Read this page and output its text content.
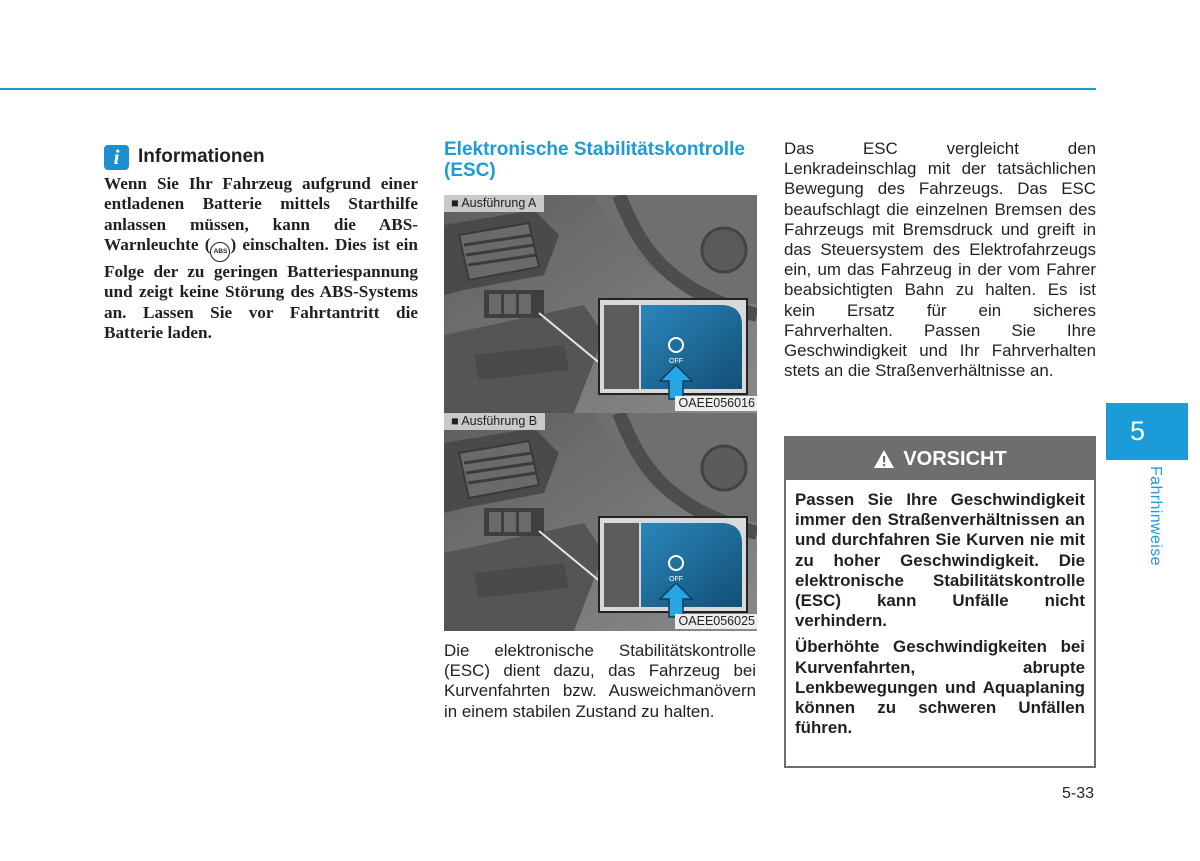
i Informationen
Wenn Sie Ihr Fahrzeug aufgrund einer entladenen Batterie mittels Starthilfe anlassen müssen, kann die ABS-Warnleuchte ( ABS ) einschalten. Dies ist ein Folge der zu geringen Batteriespannung und zeigt keine Störung des ABS-Systems an. Lassen Sie vor Fahrtantritt die Batterie laden.
Elektronische Stabilitätskontrolle (ESC)
OFF
■ Ausführung A
OAEE056016
OFF
■ Ausführung B
OAEE056025
Die elektronische Stabilitätskontrolle (ESC) dient dazu, das Fahrzeug bei Kurvenfahrten bzw. Ausweichmanövern in einem stabilen Zustand zu halten.
Das ESC vergleicht den Lenkradeinschlag mit der tatsächlichen Bewegung des Fahrzeugs. Das ESC beaufschlagt die einzelnen Bremsen des Fahrzeugs mit Bremsdruck und greift in das Steuersystem des Elektrofahrzeugs ein, um das Fahrzeug in der vom Fahrer beabsichtigten Bahn zu halten. Es ist kein Ersatz für ein sicheres Fahrverhalten. Passen Sie Ihre Geschwindigkeit und Ihr Fahrverhalten stets an die Straßenverhältnisse an.
VORSICHT

Passen Sie Ihre Geschwindigkeit immer den Straßenverhältnissen an und durchfahren Sie Kurven nie mit zu hoher Geschwindigkeit. Die elektronische Stabilitätskontrolle (ESC) kann Unfälle nicht verhindern.

Überhöhte Geschwindigkeiten bei Kurvenfahrten, abrupte Lenkbewegungen und Aquaplaning können zu schweren Unfällen führen.

5
Fahrhinweise
5-33
